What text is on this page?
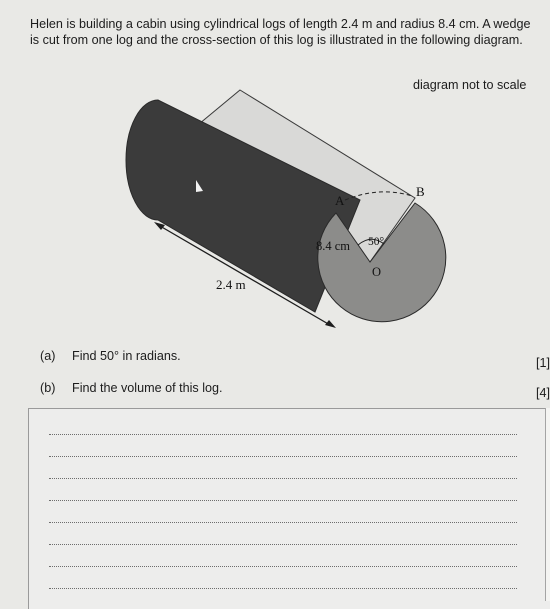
Helen is building a cabin using cylindrical logs of length 2.4 m and radius 8.4 cm. A wedge is cut from one log and the cross-section of this log is illustrated in the following diagram.

diagram not to scale
A
B
8.4 cm 50°
O
2.4 m
(a) Find 50° in radians.	[1]
(b) Find the volume of this log.	[4]
